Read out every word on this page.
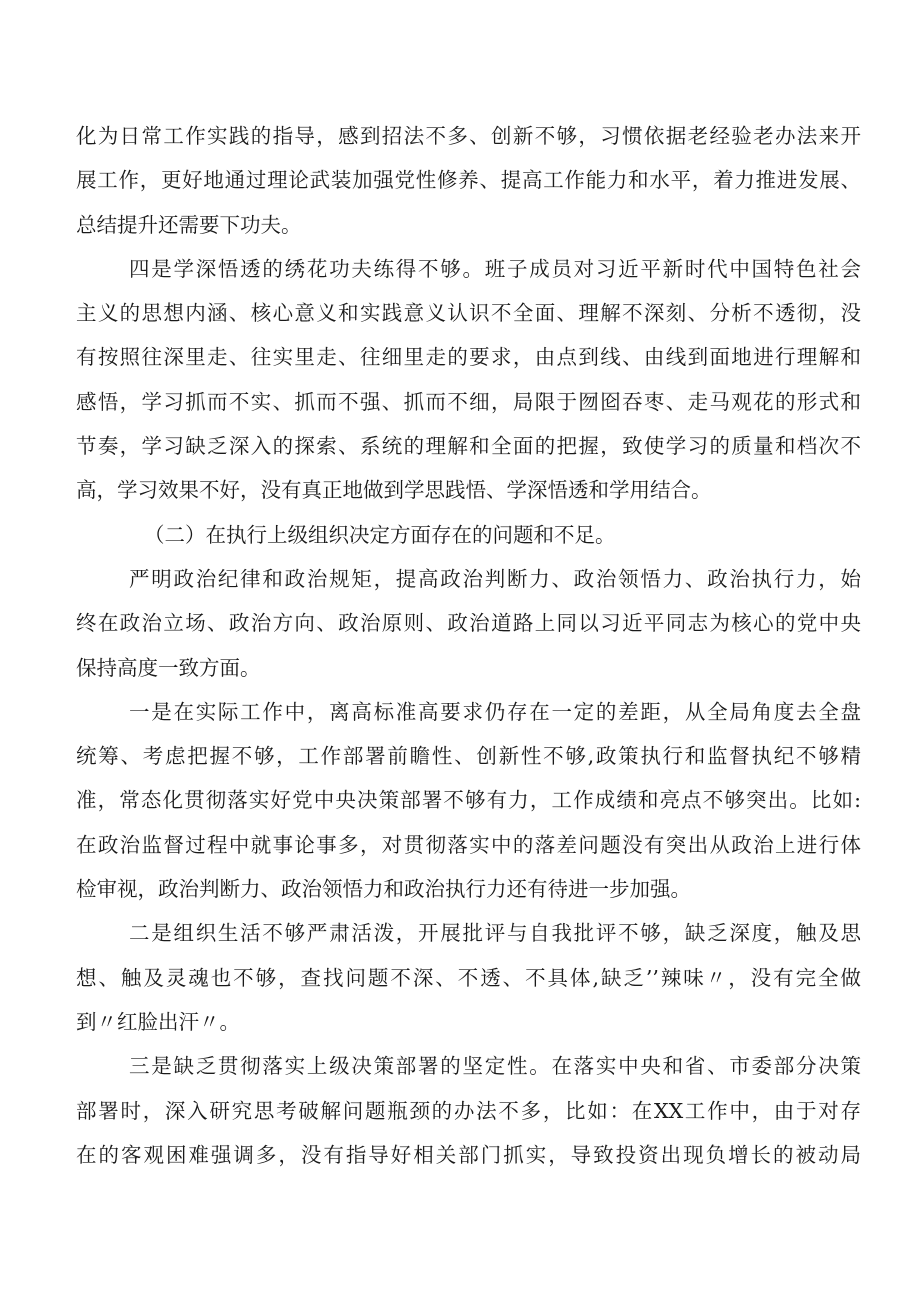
化为日常工作实践的指导，感到招法不多、创新不够，习惯依据老经验老办法来开
展工作，更好地通过理论武装加强党性修养、提高工作能力和水平，着力推进发展、
总结提升还需要下功夫。
四是学深悟透的绣花功夫练得不够。班子成员对习近平新时代中国特色社会
主义的思想内涵、核心意义和实践意义认识不全面、理解不深刻、分析不透彻，没
有按照往深里走、往实里走、往细里走的要求，由点到线、由线到面地进行理解和
感悟，学习抓而不实、抓而不强、抓而不细，局限于囫囵吞枣、走马观花的形式和
节奏，学习缺乏深入的探索、系统的理解和全面的把握，致使学习的质量和档次不
高，学习效果不好，没有真正地做到学思践悟、学深悟透和学用结合。
（二）在执行上级组织决定方面存在的问题和不足。
严明政治纪律和政治规矩，提高政治判断力、政治领悟力、政治执行力，始
终在政治立场、政治方向、政治原则、政治道路上同以习近平同志为核心的党中央
保持高度一致方面。
一是在实际工作中，离高标准高要求仍存在一定的差距，从全局角度去全盘
统筹、考虑把握不够，工作部署前瞻性、创新性不够,政策执行和监督执纪不够精
准，常态化贯彻落实好党中央决策部署不够有力，工作成绩和亮点不够突出。比如:
在政治监督过程中就事论事多，对贯彻落实中的落差问题没有突出从政治上进行体
检审视，政治判断力、政治领悟力和政治执行力还有待进一步加强。
二是组织生活不够严肃活泼，开展批评与自我批评不够，缺乏深度，触及思
想、触及灵魂也不够，查找问题不深、不透、不具体,缺乏’’辣味〃，没有完全做
到〃红脸出汗〃。
三是缺乏贯彻落实上级决策部署的坚定性。在落实中央和省、市委部分决策
部署时，深入研究思考破解问题瓶颈的办法不多，比如：在XX工作中，由于对存
在的客观困难强调多，没有指导好相关部门抓实，导致投资出现负增长的被动局
